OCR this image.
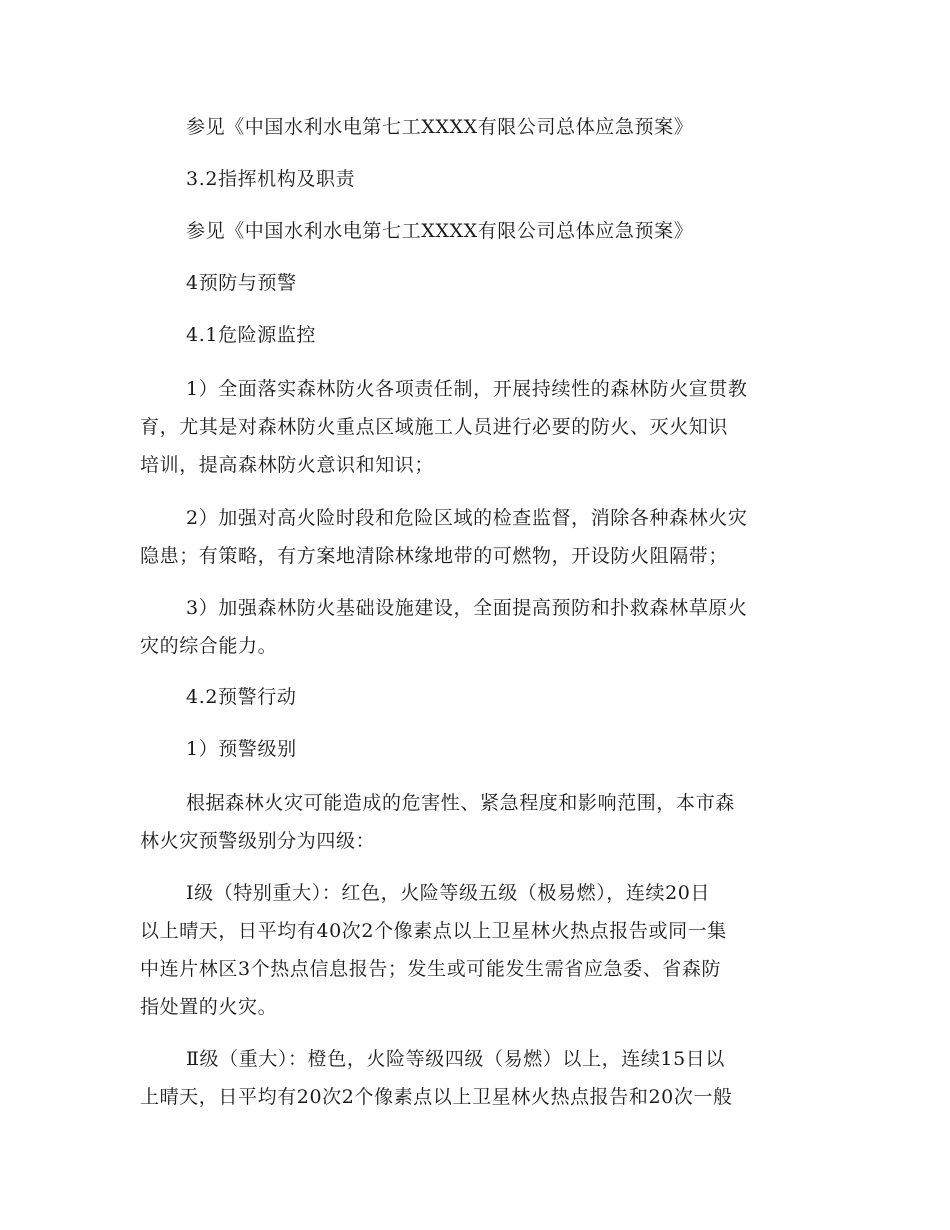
参见《中国水利水电第七工XXXX有限公司总体应急预案》

3.2指挥机构及职责

参见《中国水利水电第七工XXXX有限公司总体应急预案》

4预防与预警

4.1危险源监控

1）全面落实森林防火各项责任制，开展持续性的森林防火宣贯教

育，尤其是对森林防火重点区域施工人员进行必要的防火、灭火知识

培训，提高森林防火意识和知识；

2）加强对高火险时段和危险区域的检查监督，消除各种森林火灾

隐患；有策略，有方案地清除林缘地带的可燃物，开设防火阻隔带；

3）加强森林防火基础设施建设，全面提高预防和扑救森林草原火

灾的综合能力。

4.2预警行动

1）预警级别

根据森林火灾可能造成的危害性、紧急程度和影响范围，本市森

林火灾预警级别分为四级：

Ⅰ级（特别重大）：红色，火险等级五级（极易燃），连续20日

以上晴天，日平均有40次2个像素点以上卫星林火热点报告或同一集

中连片林区3个热点信息报告；发生或可能发生需省应急委、省森防

指处置的火灾。

Ⅱ级（重大）：橙色，火险等级四级（易燃）以上，连续15日以

上晴天，日平均有20次2个像素点以上卫星林火热点报告和20次一般
